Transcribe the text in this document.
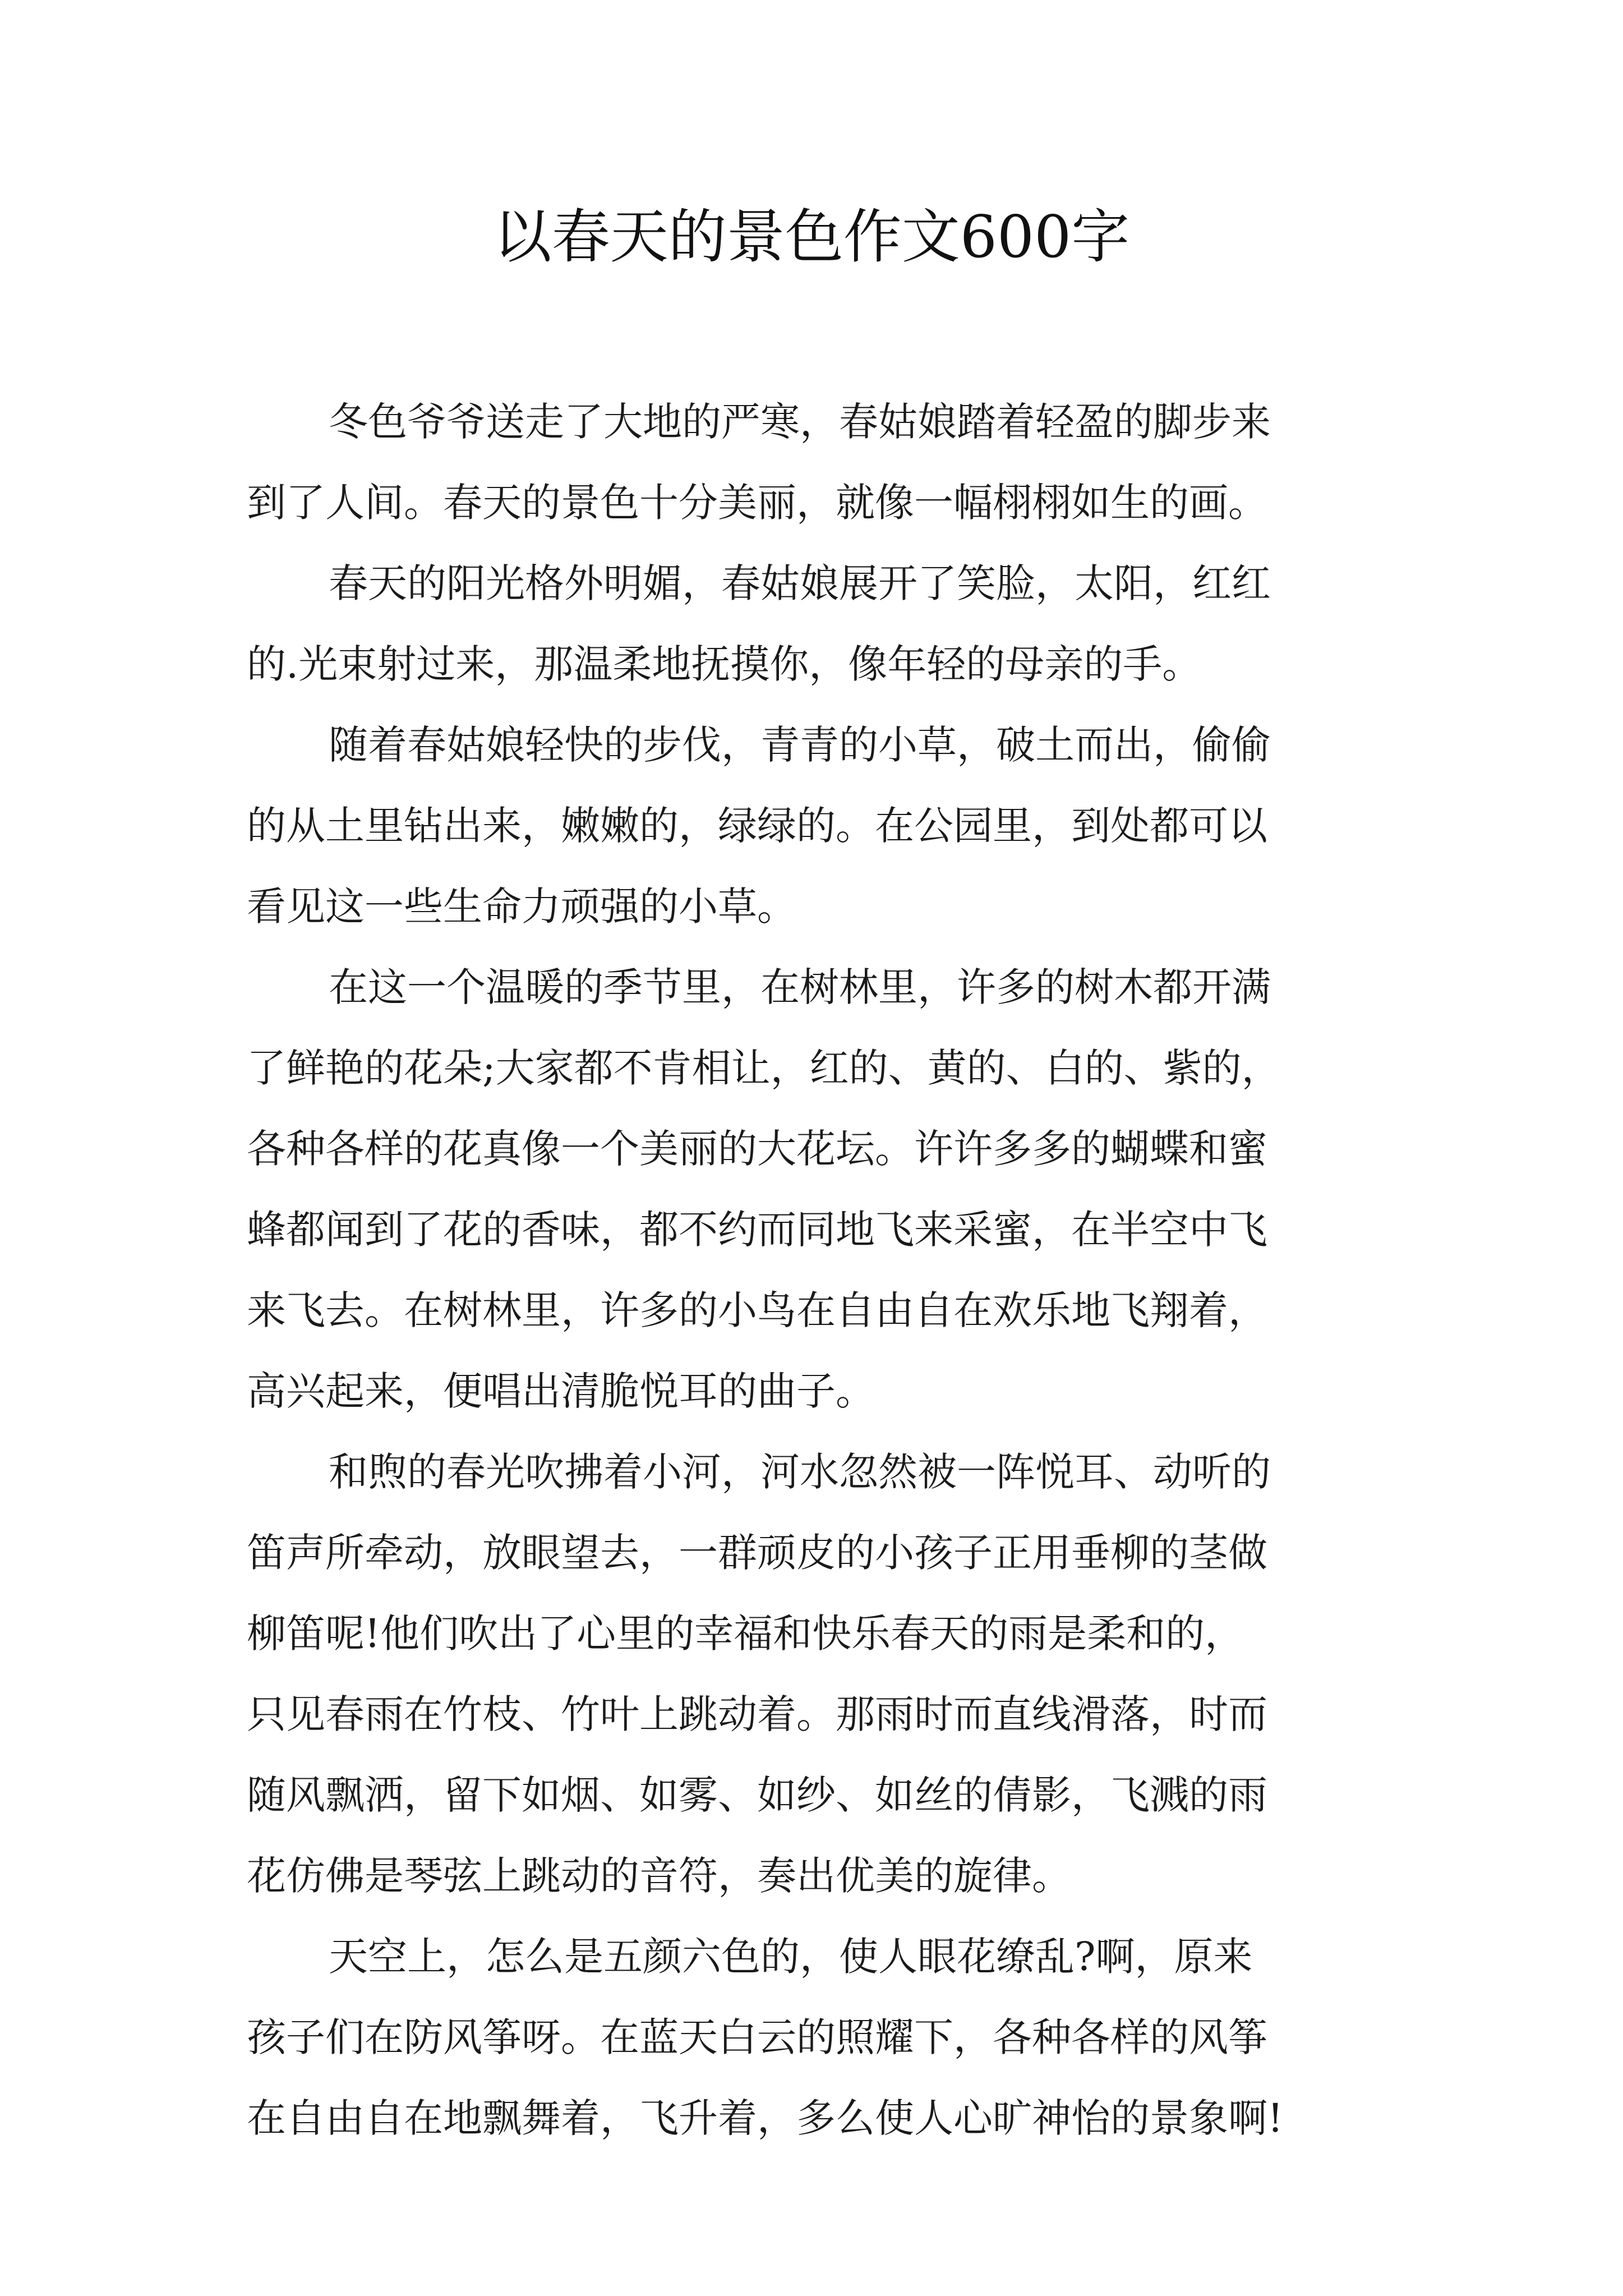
以春天的景色作文600字
冬色爷爷送走了大地的严寒，春姑娘踏着轻盈的脚步来
到了人间。春天的景色十分美丽，就像一幅栩栩如生的画。
春天的阳光格外明媚，春姑娘展开了笑脸，太阳，红红
的.光束射过来，那温柔地抚摸你，像年轻的母亲的手。
随着春姑娘轻快的步伐，青青的小草，破土而出，偷偷
的从土里钻出来，嫩嫩的，绿绿的。在公园里，到处都可以
看见这一些生命力顽强的小草。
在这一个温暖的季节里，在树林里，许多的树木都开满
了鲜艳的花朵;大家都不肯相让，红的、黄的、白的、紫的，
各种各样的花真像一个美丽的大花坛。许许多多的蝴蝶和蜜
蜂都闻到了花的香味，都不约而同地飞来采蜜，在半空中飞
来飞去。在树林里，许多的小鸟在自由自在欢乐地飞翔着，
高兴起来，便唱出清脆悦耳的曲子。
和煦的春光吹拂着小河，河水忽然被一阵悦耳、动听的
笛声所牵动，放眼望去，一群顽皮的小孩子正用垂柳的茎做
柳笛呢!他们吹出了心里的幸福和快乐春天的雨是柔和的，
只见春雨在竹枝、竹叶上跳动着。那雨时而直线滑落，时而
随风飘洒，留下如烟、如雾、如纱、如丝的倩影，飞溅的雨
花仿佛是琴弦上跳动的音符，奏出优美的旋律。
天空上，怎么是五颜六色的，使人眼花缭乱?啊，原来
孩子们在防风筝呀。在蓝天白云的照耀下，各种各样的风筝
在自由自在地飘舞着，飞升着，多么使人心旷神怡的景象啊!
